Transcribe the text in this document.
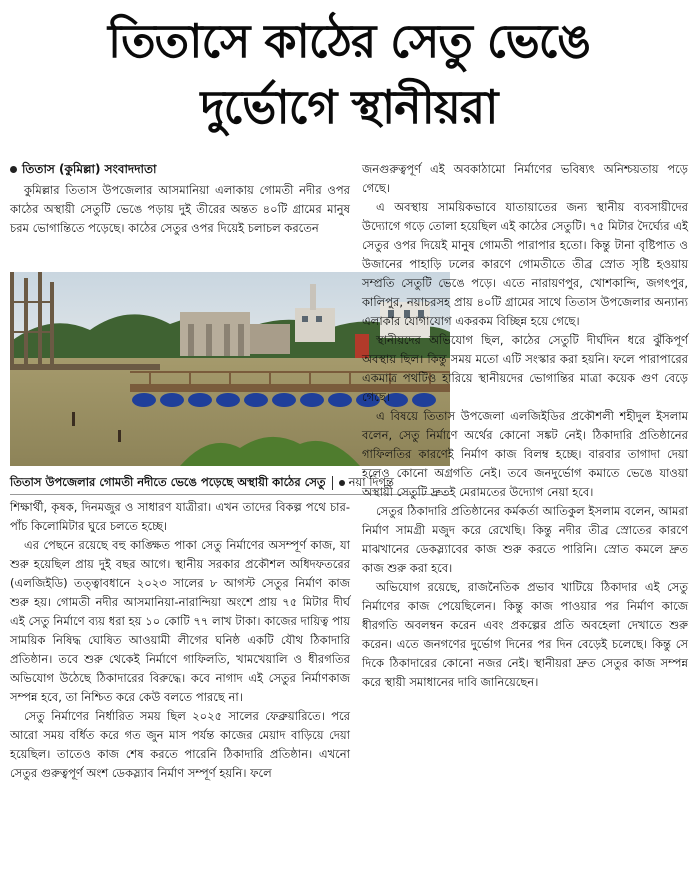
তিতাসে কাঠের সেতু ভেঙে
দুর্ভোগে স্থানীয়রা
তিতাস (কুমিল্লা) সংবাদদাতা

কুমিল্লার তিতাস উপজেলার আসমানিয়া এলাকায় গোমতী নদীর ওপর কাঠের অস্থায়ী সেতুটি ভেঙে পড়ায় দুই তীরের অন্তত ৪০টি গ্রামের মানুষ চরম ভোগান্তিতে পড়েছে। কাঠের সেতুর ওপর দিয়েই চলাচল করতেন

তিতাস উপজেলার গোমতী নদীতে ভেঙে পড়েছে অস্থায়ী কাঠের সেতু নয়া দিগন্ত

শিক্ষার্থী, কৃষক, দিনমজুর ও সাধারণ যাত্রীরা। এখন তাদের বিকল্প পথে চার-পাঁচ কিলোমিটার ঘুরে চলতে হচ্ছে।

এর পেছনে রয়েছে বহু কাঙ্ক্ষিত পাকা সেতু নির্মাণের অসম্পূর্ণ কাজ, যা শুরু হয়েছিল প্রায় দুই বছর আগে। স্থানীয় সরকার প্রকৌশল অধিদফতরের (এলজিইডি) তত্ত্বাবধানে ২০২৩ সালের ৮ আগস্ট সেতুর নির্মাণ কাজ শুরু হয়। গোমতী নদীর আসমানিয়া-নারান্দিয়া অংশে প্রায় ৭৫ মিটার দীর্ঘ এই সেতু নির্মাণে ব্যয় ধরা হয় ১০ কোটি ৭৭ লাখ টাকা। কাজের দায়িত্ব পায় সাময়িক নিষিদ্ধ ঘোষিত আওয়ামী লীগের ঘনিষ্ঠ একটি যৌথ ঠিকাদারি প্রতিষ্ঠান। তবে শুরু থেকেই নির্মাণে গাফিলতি, খামখেয়ালি ও ধীরগতির অভিযোগ উঠেছে ঠিকাদারের বিরুদ্ধে। কবে নাগাদ এই সেতুর নির্মাণকাজ সম্পন্ন হবে, তা নিশ্চিত করে কেউ বলতে পারছে না।

সেতু নির্মাণের নির্ধারিত সময় ছিল ২০২৫ সালের ফেব্রুয়ারিতে। পরে আরো সময় বর্ধিত করে গত জুন মাস পর্যন্ত কাজের মেয়াদ বাড়িয়ে দেয়া হয়েছিল। তাতেও কাজ শেষ করতে পারেনি ঠিকাদারি প্রতিষ্ঠান। এখনো সেতুর গুরুত্বপূর্ণ অংশ ডেকস্ল্যাব নির্মাণ সম্পূর্ণ হয়নি। ফলে

জনগুরুত্বপূর্ণ এই অবকাঠামো নির্মাণের ভবিষ্যৎ অনিশ্চয়তায় পড়ে গেছে।

এ অবস্থায় সাময়িকভাবে যাতায়াতের জন্য স্থানীয় ব্যবসায়ীদের উদ্যোগে গড়ে তোলা হয়েছিল এই কাঠের সেতুটি। ৭৫ মিটার দৈর্ঘ্যের এই সেতুর ওপর দিয়েই মানুষ গোমতী পারাপার হতো। কিন্তু টানা বৃষ্টিপাত ও উজানের পাহাড়ি ঢলের কারণে গোমতীতে তীব্র স্রোত সৃষ্টি হওয়ায় সম্প্রতি সেতুটি ভেঙে পড়ে। এতে নারায়ণপুর, খোশকান্দি, জগৎপুর, কালিপুর, নয়াচরসহ প্রায় ৪০টি গ্রামের সাথে তিতাস উপজেলার অন্যান্য এলাকার যোগাযোগ একরকম বিচ্ছিন্ন হয়ে গেছে।

স্থানীয়দের অভিযোগ ছিল, কাঠের সেতুটি দীর্ঘদিন ধরে ঝুঁকিপূর্ণ অবস্থায় ছিল। কিন্তু সময় মতো এটি সংস্কার করা হয়নি। ফলে পারাপারের একমাত্র পথটিও হারিয়ে স্থানীয়দের ভোগান্তির মাত্রা কয়েক গুণ বেড়ে গেছে।

এ বিষয়ে তিতাস উপজেলা এলজিইডির প্রকৌশলী শহীদুল ইসলাম বলেন, সেতু নির্মাণে অর্থের কোনো সঙ্কট নেই। ঠিকাদারি প্রতিষ্ঠানের গাফিলতির কারণেই নির্মাণ কাজ বিলম্ব হচ্ছে। বারবার তাগাদা দেয়া হলেও কোনো অগ্রগতি নেই। তবে জনদুর্ভোগ কমাতে ভেঙে যাওয়া অস্থায়ী সেতুটি দ্রুতই মেরামতের উদ্যোগ নেয়া হবে।

সেতুর ঠিকাদারি প্রতিষ্ঠানের কর্মকর্তা আতিকুল ইসলাম বলেন, আমরা নির্মাণ সামগ্রী মজুদ করে রেখেছি। কিন্তু নদীর তীব্র স্রোতের কারণে মাঝখানের ডেকস্ল্যাবের কাজ শুরু করতে পারিনি। স্রোত কমলে দ্রুত কাজ শুরু করা হবে।

অভিযোগ রয়েছে, রাজনৈতিক প্রভাব খাটিয়ে ঠিকাদার এই সেতু নির্মাণের কাজ পেয়েছিলেন। কিন্তু কাজ পাওয়ার পর নির্মাণ কাজে ধীরগতি অবলম্বন করেন এবং প্রকল্পের প্রতি অবহেলা দেখাতে শুরু করেন। এতে জনগণের দুর্ভোগ দিনের পর দিন বেড়েই চলেছে। কিন্তু সে দিকে ঠিকাদারের কোনো নজর নেই। স্থানীয়রা দ্রুত সেতুর কাজ সম্পন্ন করে স্থায়ী সমাধানের দাবি জানিয়েছেন।
